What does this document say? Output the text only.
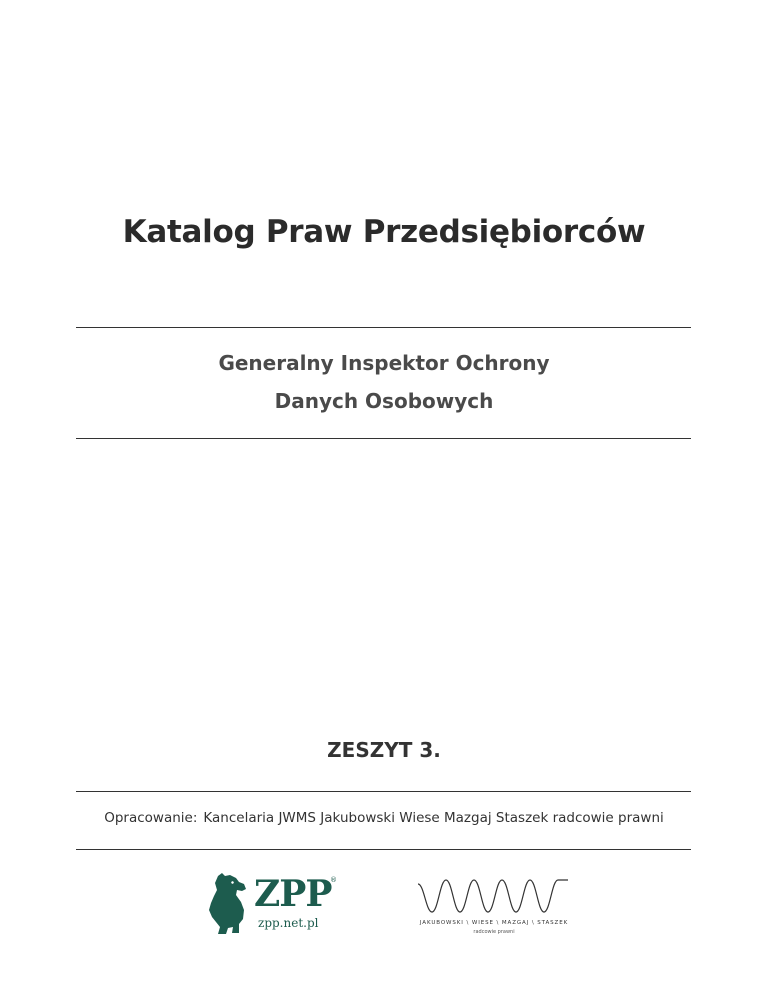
Katalog Praw Przedsiębiorców
Generalny Inspektor Ochrony
Danych Osobowych
ZESZYT 3.
Opracowanie: Kancelaria JWMS Jakubowski Wiese Mazgaj Staszek radcowie prawni
ZPP
®
zpp.net.pl	JAKUBOWSKI \ WIESE \ MAZGAJ \ STASZEK
radcowie prawni
